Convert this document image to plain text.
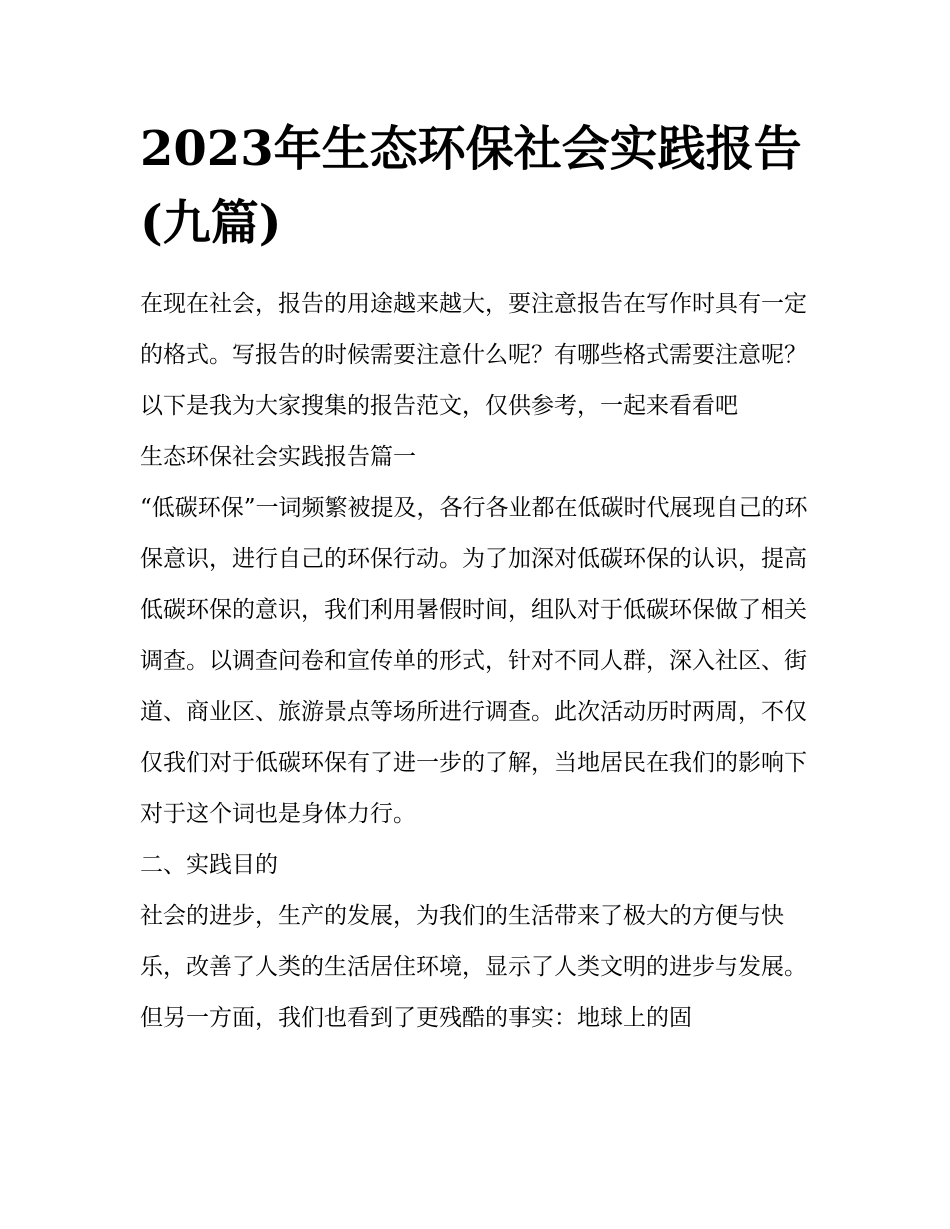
2023年生态环保社会实践报告
(九篇)

在现在社会，报告的用途越来越大，要注意报告在写作时具有一定的格式。写报告的时候需要注意什么呢？有哪些格式需要注意呢？以下是我为大家搜集的报告范文，仅供参考，一起来看看吧

生态环保社会实践报告篇一

“低碳环保”一词频繁被提及，各行各业都在低碳时代展现自己的环保意识，进行自己的环保行动。为了加深对低碳环保的认识，提高低碳环保的意识，我们利用暑假时间，组队对于低碳环保做了相关调查。以调查问卷和宣传单的形式，针对不同人群，深入社区、街道、商业区、旅游景点等场所进行调查。此次活动历时两周，不仅仅我们对于低碳环保有了进一步的了解，当地居民在我们的影响下对于这个词也是身体力行。

二、实践目的

社会的进步，生产的发展，为我们的生活带来了极大的方便与快乐，改善了人类的生活居住环境，显示了人类文明的进步与发展。但另一方面，我们也看到了更残酷的事实：地球上的固
